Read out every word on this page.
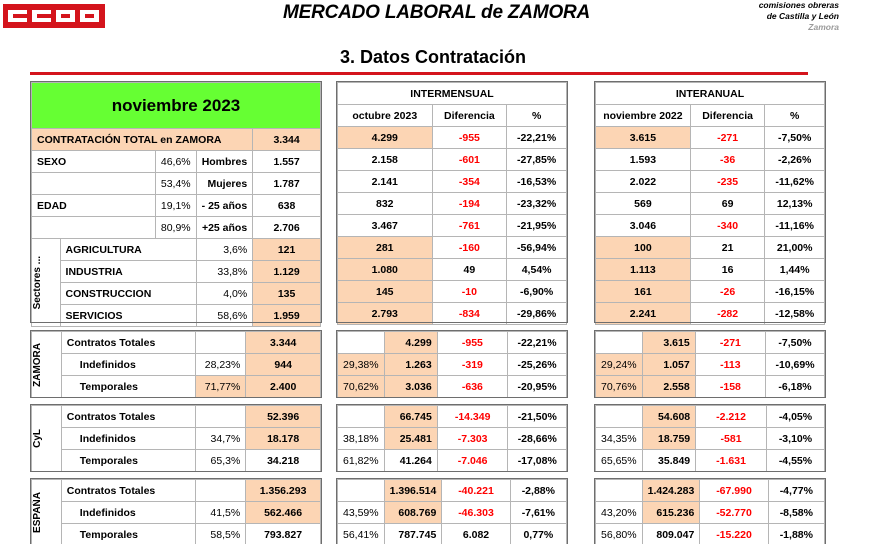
MERCADO LABORAL de ZAMORA	comisiones obreras
de Castilla y León
Zamora
3. Datos Contratación
noviembre 2023				
CONTRATACIÓN TOTAL en ZAMORA				3.344
SEXO		46,6%	Hombres	1.557
		53,4%	Mujeres	1.787
EDAD		19,1%	- 25 años	638
		80,9%	+25 años	2.706

Sectores ...	AGRICULTURA		3,6%	121
	INDUSTRIA		33,8%	1.129
	CONSTRUCCION		4,0%	135
	SERVICIOS		58,6%	1.959
ZAMORA	Contratos Totales		3.344
	Indefinidos	28,23%	944
	Temporales	71,77%	2.400
CyL	Contratos Totales		52.396
	Indefinidos	34,7%	18.178
	Temporales	65,3%	34.218
ESPAÑA	Contratos Totales		1.356.293
	Indefinidos	41,5%	562.466
	Temporales	58,5%	793.827
INTERMENSUAL		
octubre 2023	Diferencia	%
4.299	-955	-22,21%
2.158	-601	-27,85%
2.141	-354	-16,53%
832	-194	-23,32%
3.467	-761	-21,95%
281	-160	-56,94%
1.080	49	4,54%
145	-10	-6,90%
2.793	-834	-29,86%
	4.299	-955	-22,21%
29,38%	1.263	-319	-25,26%
70,62%	3.036	-636	-20,95%
	66.745	-14.349	-21,50%
38,18%	25.481	-7.303	-28,66%
61,82%	41.264	-7.046	-17,08%
	1.396.514	-40.221	-2,88%
43,59%	608.769	-46.303	-7,61%
56,41%	787.745	6.082	0,77%
INTERANUAL		
noviembre 2022	Diferencia	%
3.615	-271	-7,50%
1.593	-36	-2,26%
2.022	-235	-11,62%
569	69	12,13%
3.046	-340	-11,16%
100	21	21,00%
1.113	16	1,44%
161	-26	-16,15%
2.241	-282	-12,58%
	3.615	-271	-7,50%
29,24%	1.057	-113	-10,69%
70,76%	2.558	-158	-6,18%
	54.608	-2.212	-4,05%
34,35%	18.759	-581	-3,10%
65,65%	35.849	-1.631	-4,55%
	1.424.283	-67.990	-4,77%
43,20%	615.236	-52.770	-8,58%
56,80%	809.047	-15.220	-1,88%
